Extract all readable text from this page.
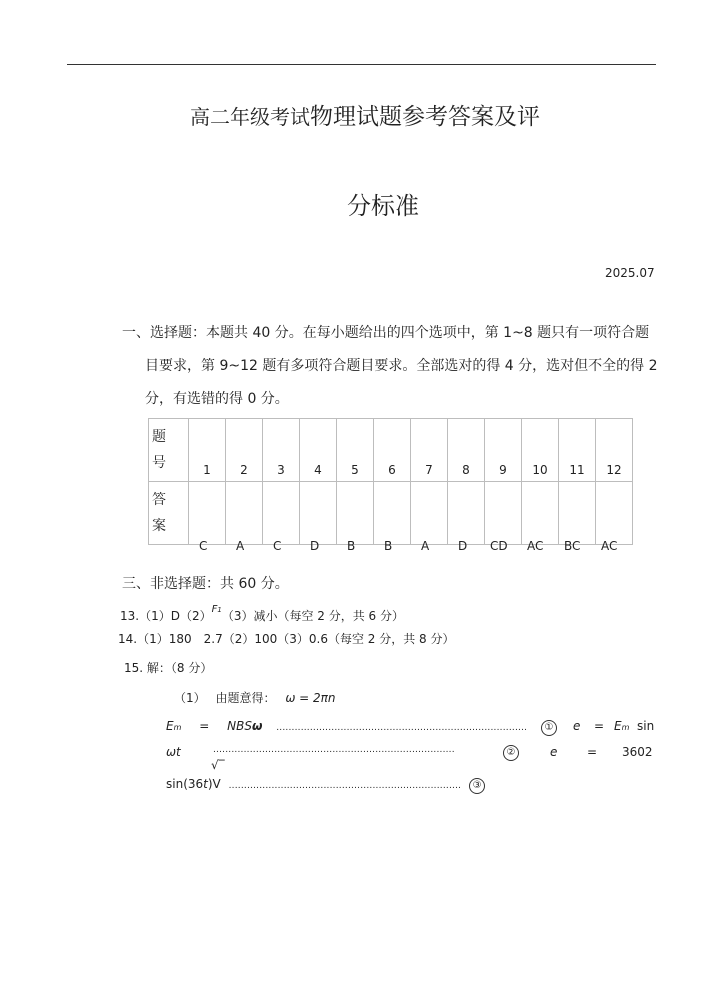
高二年级考试物理试题参考答案及评
分标准
2025.07
一、选择题：本题共 40 分。在每小题给出的四个选项中，第 1~8 题只有一项符合题
目要求，第 9~12 题有多项符合题目要求。全部选对的得 4 分，选对但不全的得 2
分，有选错的得 0 分。
题
号	1	2	3	4	5	6	7	8	9	10	11	12
答
案												
C A C D B B A D CD AC BC AC
三、非选择题：共 60 分。
$13.(1)D(2)^{F1}(3)$减小（每空 2 分，共 6 分）
14.（1）180　2.7（2）100（3）0.6（每空 2 分，共 8 分）
15. 解：（8 分）
（1） 由题意得： ω = 2πn
Em = NBSω .................................................................................. ① e = Em sin
ωt	...............................................................................	②	e = 3602
√‾
sin(36t)V ............................................................................ ③
